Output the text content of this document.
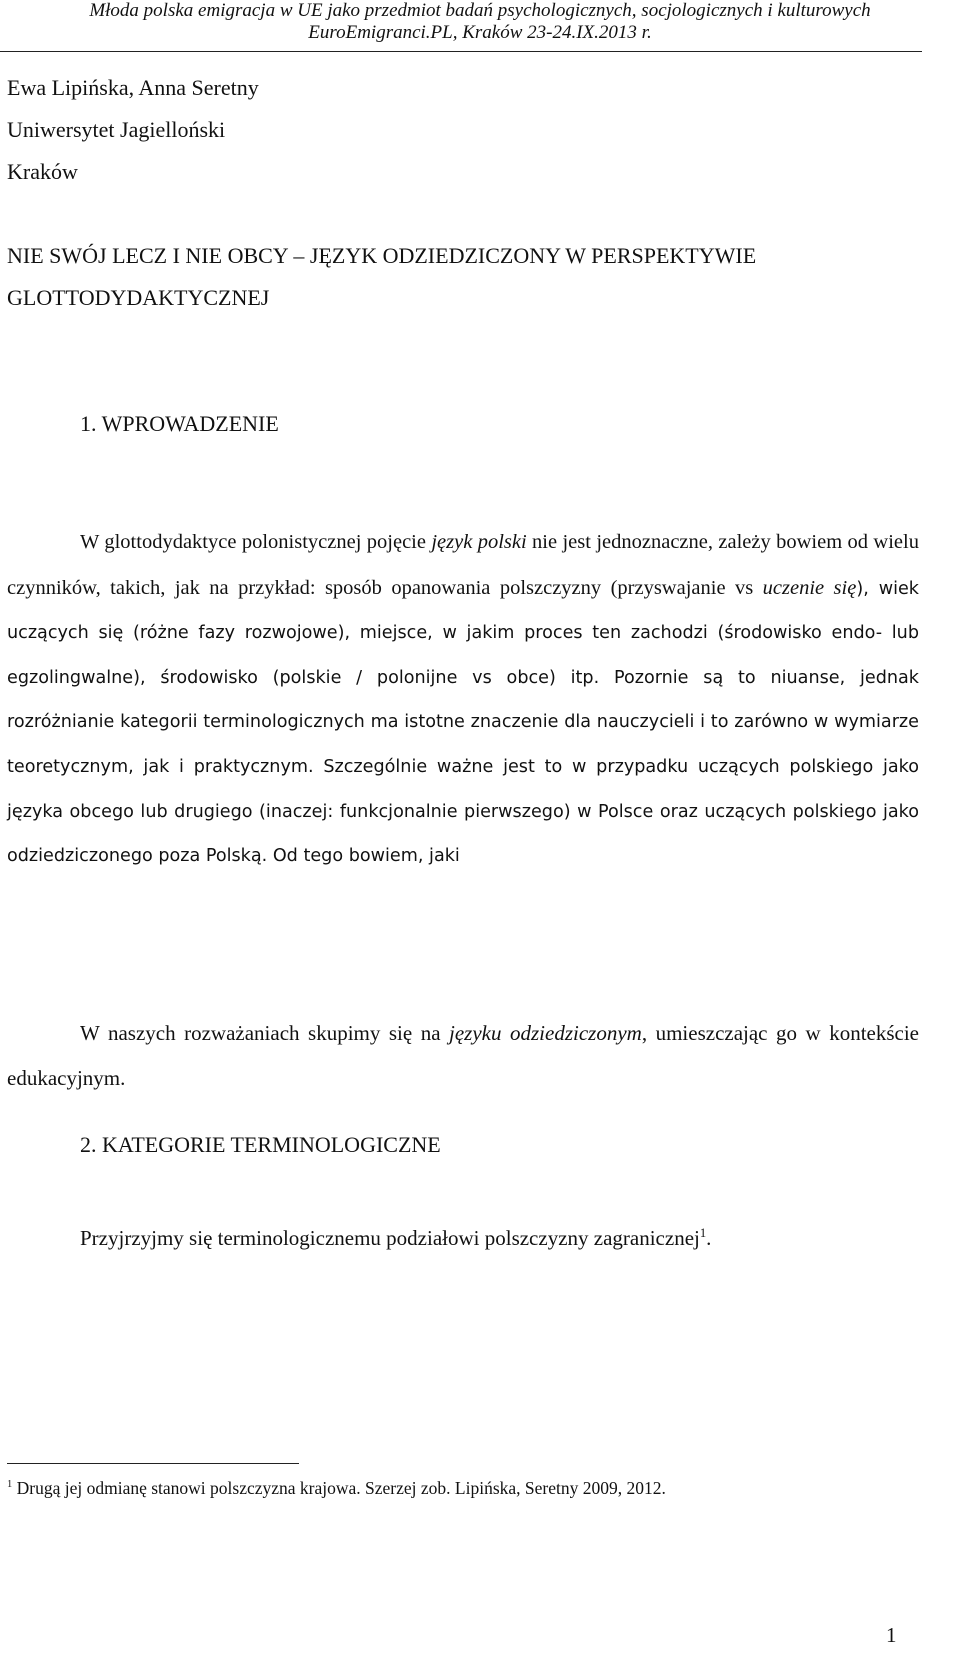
Młoda polska emigracja w UE jako przedmiot badań psychologicznych, socjologicznych i kulturowych
EuroEmigranci.PL, Kraków 23-24.IX.2013 r.
Ewa Lipińska, Anna Seretny
Uniwersytet Jagielloński
Kraków
NIE SWÓJ LECZ I NIE OBCY – JĘZYK ODZIEDZICZONY W PERSPEKTYWIE
GLOTTODYDAKTYCZNEJ
1. WPROWADZENIE

W glottodydaktyce polonistycznej pojęcie język polski nie jest jednoznaczne, zależy bowiem od wielu czynników, takich, jak na przykład: sposób opanowania polszczyzny (przyswajanie vs uczenie się), wiek uczących się (różne fazy rozwojowe), miejsce, w jakim proces ten zachodzi (środowisko endo- lub egzolingwalne), środowisko (polskie / polonijne vs obce) itp. Pozornie są to niuanse, jednak rozróżnianie kategorii terminologicznych ma istotne znaczenie dla nauczycieli i to zarówno w wymiarze teoretycznym, jak i praktycznym. Szczególnie ważne jest to w przypadku uczących polskiego jako języka obcego lub drugiego (inaczej: funkcjonalnie pierwszego) w Polsce oraz uczących polskiego jako odziedziczonego poza Polską. Od tego bowiem, jaki

W naszych rozważaniach skupimy się na języku odziedziczonym, umieszczając go w kontekście edukacyjnym.

2. KATEGORIE TERMINOLOGICZNE
Przyjrzyjmy się terminologicznemu podziałowi polszczyzny zagranicznej$^1$.
$^1$ Drugą jej odmianę stanowi polszczyzna krajowa. Szerzej zob. Lipińska, Seretny 2009, 2012.
1
